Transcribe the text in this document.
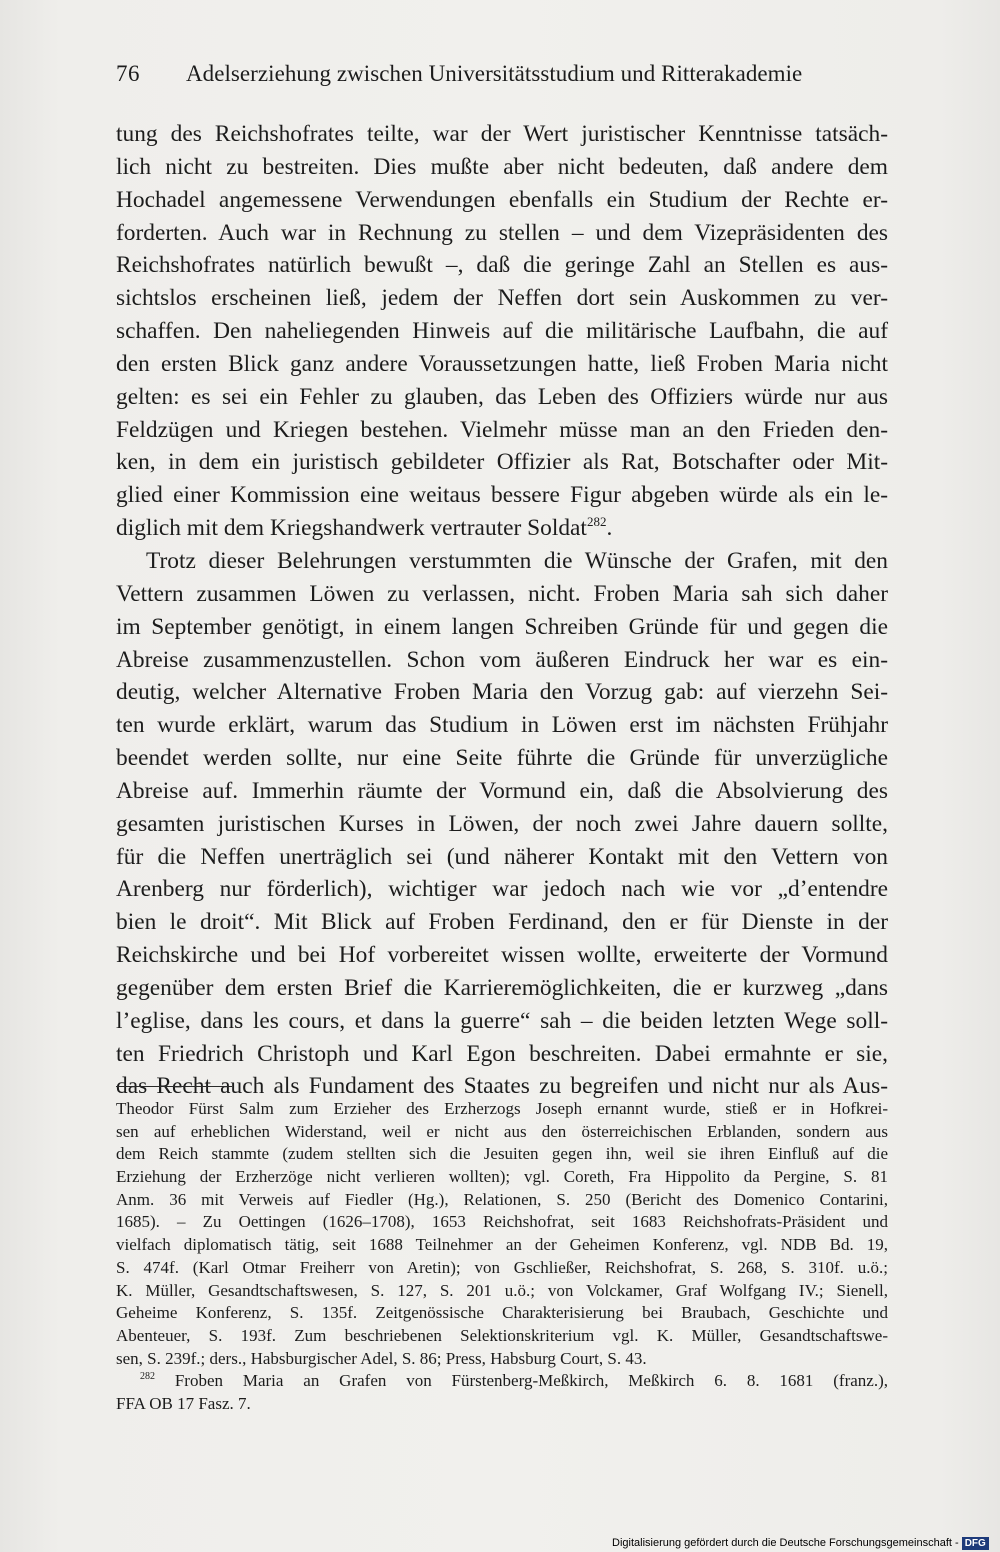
76 Adelserziehung zwischen Universitätsstudium und Ritterakademie
tung des Reichshofrates teilte, war der Wert juristischer Kenntnisse tatsäch-
lich nicht zu bestreiten. Dies mußte aber nicht bedeuten, daß andere dem
Hochadel angemessene Verwendungen ebenfalls ein Studium der Rechte er-
forderten. Auch war in Rechnung zu stellen – und dem Vizepräsidenten des
Reichshofrates natürlich bewußt –, daß die geringe Zahl an Stellen es aus-
sichtslos erscheinen ließ, jedem der Neffen dort sein Auskommen zu ver-
schaffen. Den naheliegenden Hinweis auf die militärische Laufbahn, die auf
den ersten Blick ganz andere Voraussetzungen hatte, ließ Froben Maria nicht
gelten: es sei ein Fehler zu glauben, das Leben des Offiziers würde nur aus
Feldzügen und Kriegen bestehen. Vielmehr müsse man an den Frieden den-
ken, in dem ein juristisch gebildeter Offizier als Rat, Botschafter oder Mit-
glied einer Kommission eine weitaus bessere Figur abgeben würde als ein le-
diglich mit dem Kriegshandwerk vertrauter Soldat$^{282}$.
Trotz dieser Belehrungen verstummten die Wünsche der Grafen, mit den
Vettern zusammen Löwen zu verlassen, nicht. Froben Maria sah sich daher
im September genötigt, in einem langen Schreiben Gründe für und gegen die
Abreise zusammenzustellen. Schon vom äußeren Eindruck her war es ein-
deutig, welcher Alternative Froben Maria den Vorzug gab: auf vierzehn Sei-
ten wurde erklärt, warum das Studium in Löwen erst im nächsten Frühjahr
beendet werden sollte, nur eine Seite führte die Gründe für unverzügliche
Abreise auf. Immerhin räumte der Vormund ein, daß die Absolvierung des
gesamten juristischen Kurses in Löwen, der noch zwei Jahre dauern sollte,
für die Neffen unerträglich sei (und näherer Kontakt mit den Vettern von
Arenberg nur förderlich), wichtiger war jedoch nach wie vor „d’entendre
bien le droit“. Mit Blick auf Froben Ferdinand, den er für Dienste in der
Reichskirche und bei Hof vorbereitet wissen wollte, erweiterte der Vormund
gegenüber dem ersten Brief die Karrieremöglichkeiten, die er kurzweg „dans
l’eglise, dans les cours, et dans la guerre“ sah – die beiden letzten Wege soll-
ten Friedrich Christoph und Karl Egon beschreiten. Dabei ermahnte er sie,
das Recht auch als Fundament des Staates zu begreifen und nicht nur als Aus-
Theodor Fürst Salm zum Erzieher des Erzherzogs Joseph ernannt wurde, stieß er in Hofkrei-
sen auf erheblichen Widerstand, weil er nicht aus den österreichischen Erblanden, sondern aus
dem Reich stammte (zudem stellten sich die Jesuiten gegen ihn, weil sie ihren Einfluß auf die
Erziehung der Erzherzöge nicht verlieren wollten); vgl. Coreth, Fra Hippolito da Pergine, S. 81
Anm. 36 mit Verweis auf Fiedler (Hg.), Relationen, S. 250 (Bericht des Domenico Contarini,
1685). – Zu Oettingen (1626–1708), 1653 Reichshofrat, seit 1683 Reichshofrats-Präsident und
vielfach diplomatisch tätig, seit 1688 Teilnehmer an der Geheimen Konferenz, vgl. NDB Bd. 19,
S. 474f. (Karl Otmar Freiherr von Aretin); von Gschließer, Reichshofrat, S. 268, S. 310f. u.ö.;
K. Müller, Gesandtschaftswesen, S. 127, S. 201 u.ö.; von Volckamer, Graf Wolfgang IV.; Sienell,
Geheime Konferenz, S. 135f. Zeitgenössische Charakterisierung bei Braubach, Geschichte und
Abenteuer, S. 193f. Zum beschriebenen Selektionskriterium vgl. K. Müller, Gesandtschaftswe-
sen, S. 239f.; ders., Habsburgischer Adel, S. 86; Press, Habsburg Court, S. 43.
$^{282}$ Froben Maria an Grafen von Fürstenberg-Meßkirch, Meßkirch 6. 8. 1681 (franz.),
FFA OB 17 Fasz. 7.
Digitalisierung gefördert durch die Deutsche Forschungsgemeinschaft - DFG
